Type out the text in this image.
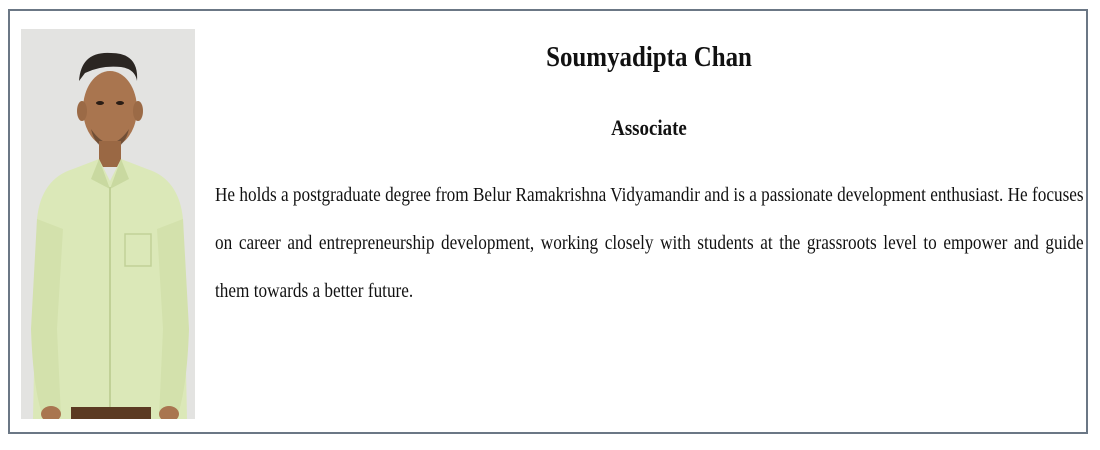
Soumyadipta Chan
Associate

He holds a postgraduate degree from Belur Ramakrishna Vidyamandir and is a passionate development enthusiast. He focuses on career and entrepreneurship development, working closely with students at the grassroots level to empower and guide them towards a better future.
